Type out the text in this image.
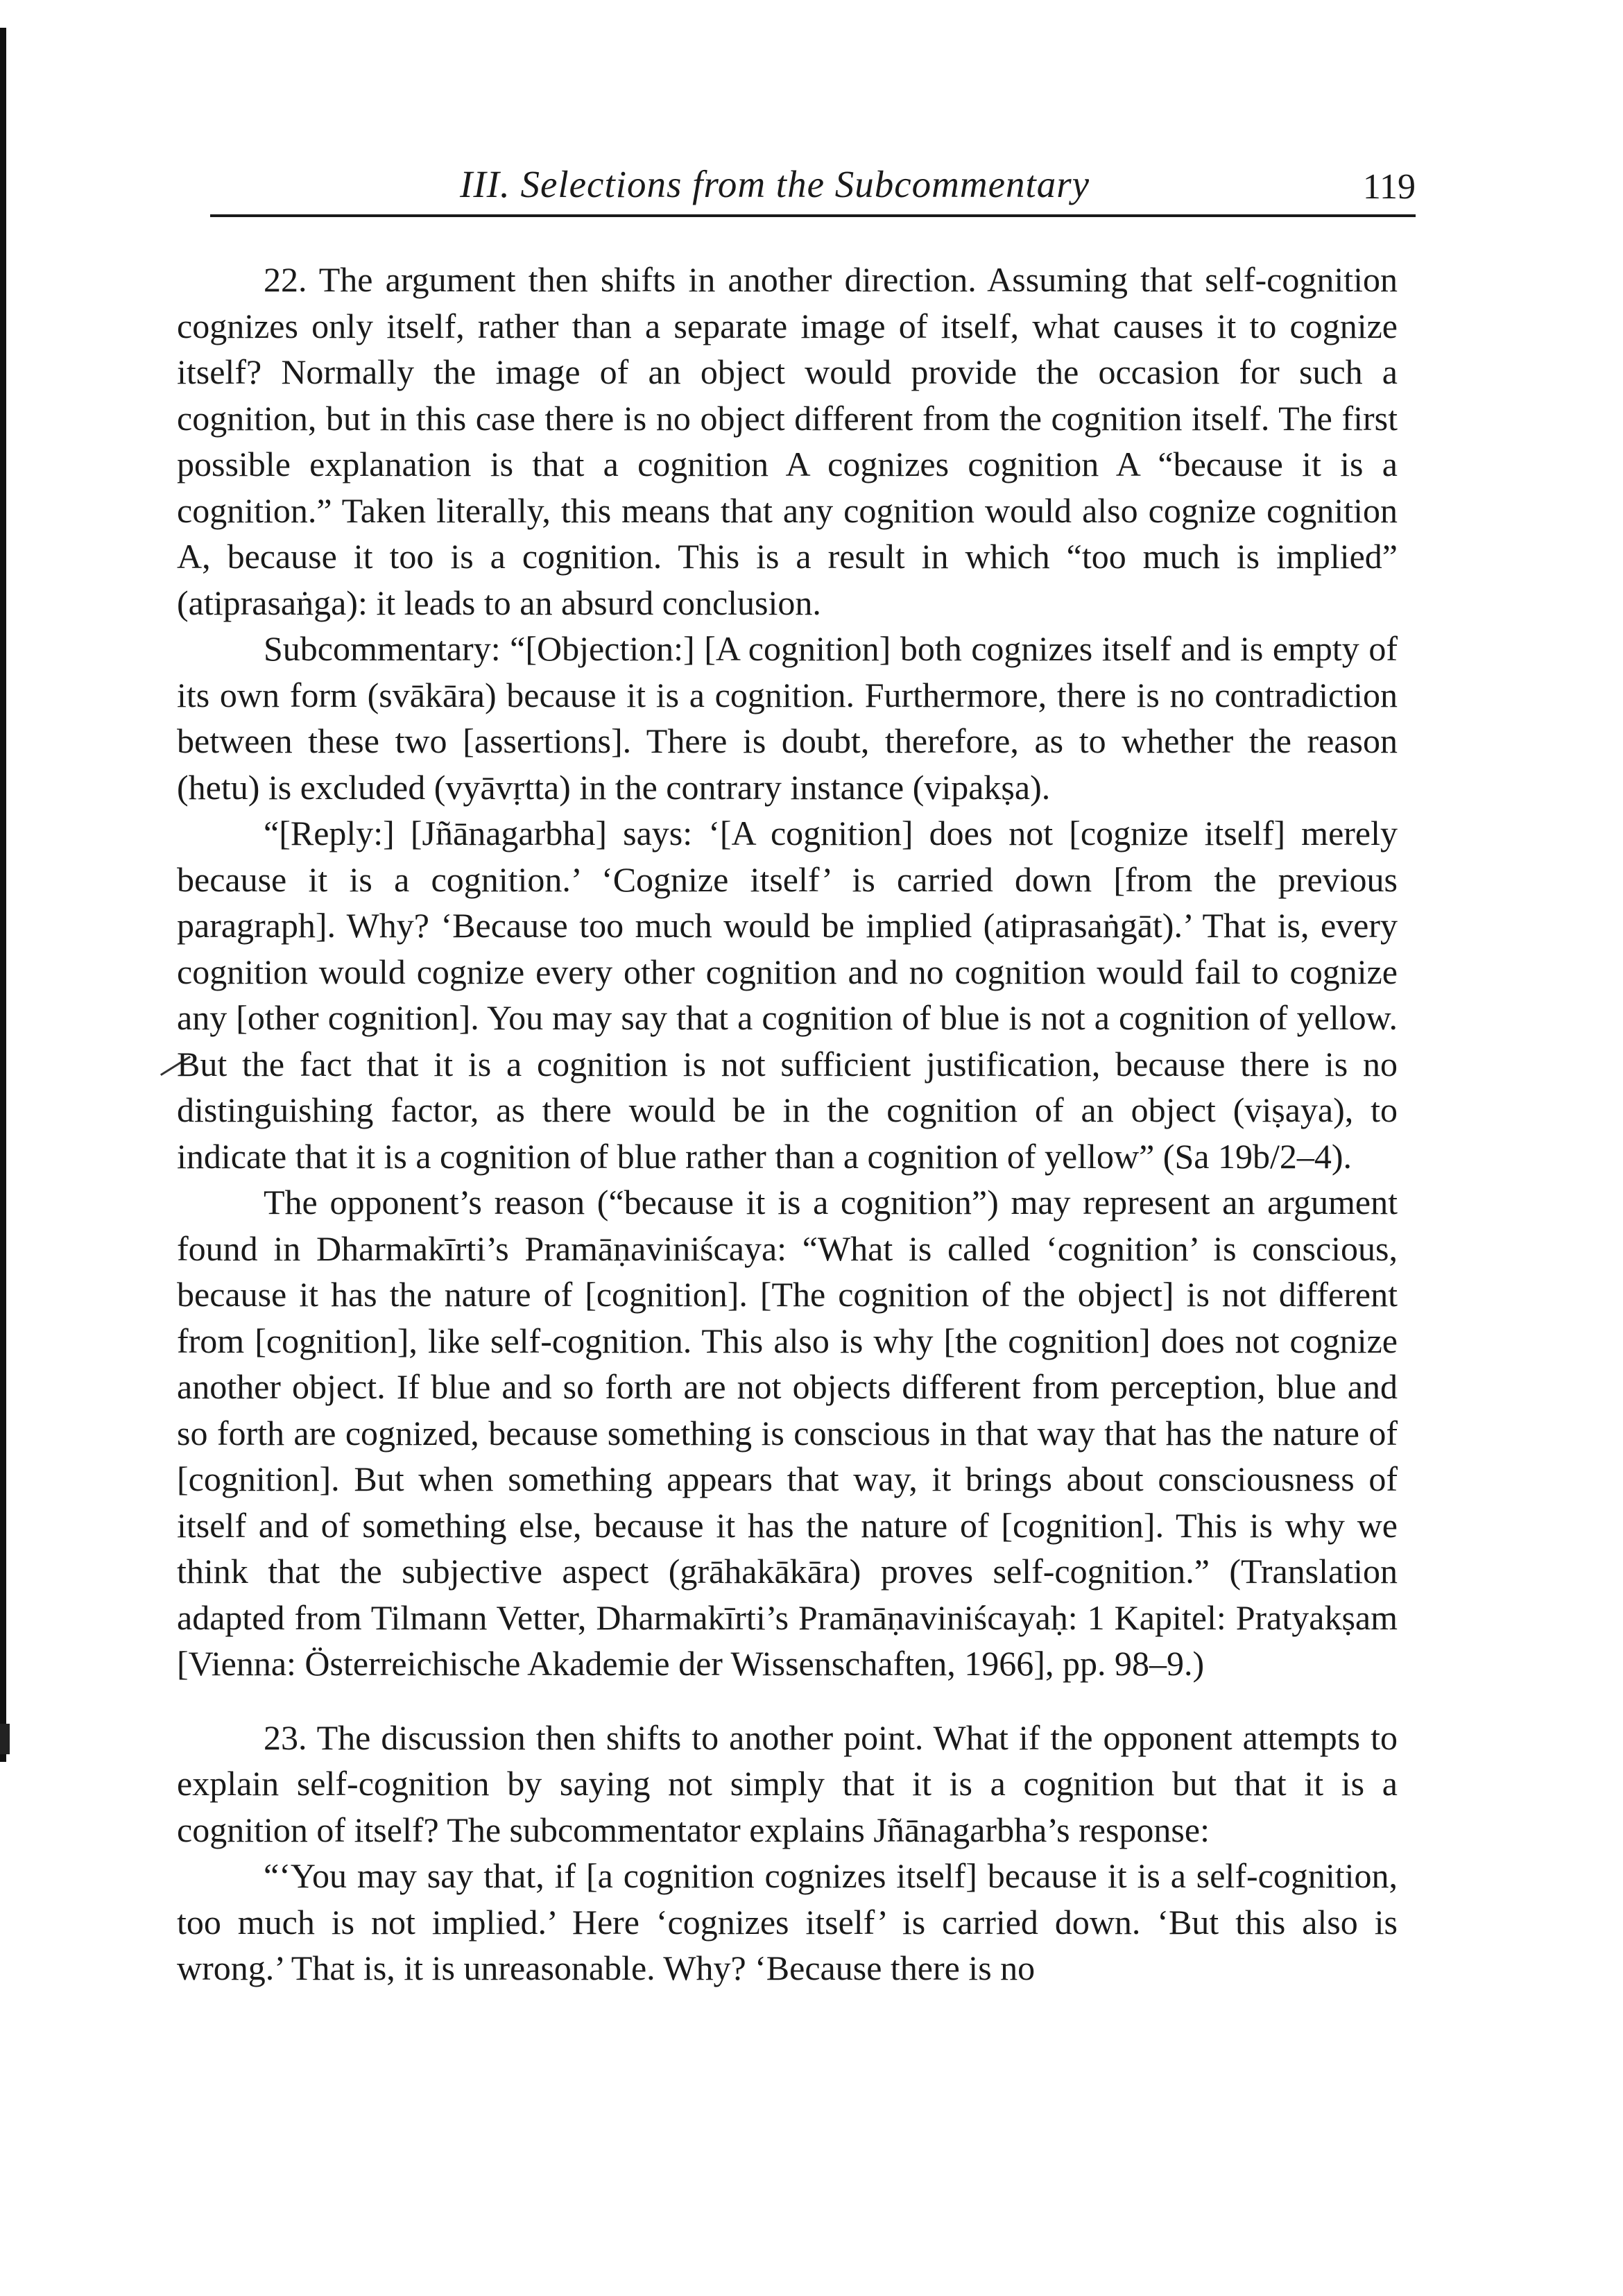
III. Selections from the Subcommentary	119

22. The argument then shifts in another direction. Assuming that self-cognition cognizes only itself, rather than a separate image of itself, what causes it to cognize itself? Normally the image of an object would provide the occasion for such a cognition, but in this case there is no object different from the cognition itself. The first possible explanation is that a cognition A cognizes cognition A “because it is a cognition.” Taken literally, this means that any cognition would also cognize cognition A, because it too is a cognition. This is a result in which “too much is implied” (atiprasaṅga): it leads to an absurd conclusion.

Subcommentary: “[Objection:] [A cognition] both cognizes itself and is empty of its own form (svākāra) because it is a cognition. Furthermore, there is no contradiction between these two [assertions]. There is doubt, therefore, as to whether the reason (hetu) is excluded (vyāvṛtta) in the contrary instance (vipakṣa).

“[Reply:] [Jñānagarbha] says: ‘[A cognition] does not [cognize itself] merely because it is a cognition.’ ‘Cognize itself’ is carried down [from the previous paragraph]. Why? ‘Because too much would be implied (atiprasaṅgāt).’ That is, every cognition would cognize every other cognition and no cognition would fail to cognize any [other cognition]. You may say that a cognition of blue is not a cognition of yellow. But the fact that it is a cognition is not sufficient justification, because there is no distinguishing factor, as there would be in the cognition of an object (viṣaya), to indicate that it is a cognition of blue rather than a cognition of yellow” (Sa 19b/2–4).

The opponent’s reason (“because it is a cognition”) may represent an argument found in Dharmakīrti’s Pramāṇaviniścaya: “What is called ‘cognition’ is conscious, because it has the nature of [cognition]. [The cognition of the object] is not different from [cognition], like self-cognition. This also is why [the cognition] does not cognize another object. If blue and so forth are not objects different from perception, blue and so forth are cognized, because something is conscious in that way that has the nature of [cognition]. But when something appears that way, it brings about consciousness of itself and of something else, because it has the nature of [cognition]. This is why we think that the subjective aspect (grāhakākāra) proves self-cognition.” (Translation adapted from Tilmann Vetter, Dharmakīrti’s Pramāṇaviniścayaḥ: 1 Kapitel: Pratyakṣam [Vienna: Österreichische Akademie der Wissenschaften, 1966], pp. 98–9.)

23. The discussion then shifts to another point. What if the opponent attempts to explain self-cognition by saying not simply that it is a cognition but that it is a cognition of itself? The subcommentator explains Jñānagarbha’s response:

“‘You may say that, if [a cognition cognizes itself] because it is a self-cognition, too much is not implied.’ Here ‘cognizes itself’ is carried down. ‘But this also is wrong.’ That is, it is unreasonable. Why? ‘Because there is no
